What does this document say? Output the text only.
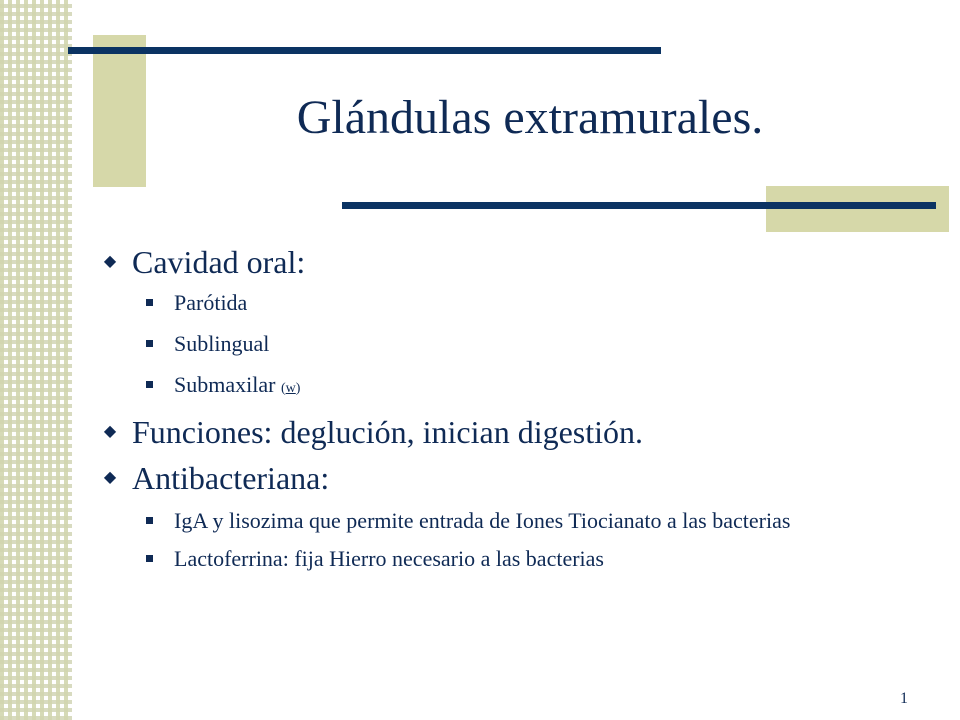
Glándulas extramurales.
◆ Cavidad oral:
Parótida
Sublingual
Submaxilar (w)
◆ Funciones: deglución, inician digestión.
◆ Antibacteriana:
IgA y lisozima que permite entrada de Iones Tiocianato a las bacterias
Lactoferrina: fija Hierro necesario a las bacterias
1
